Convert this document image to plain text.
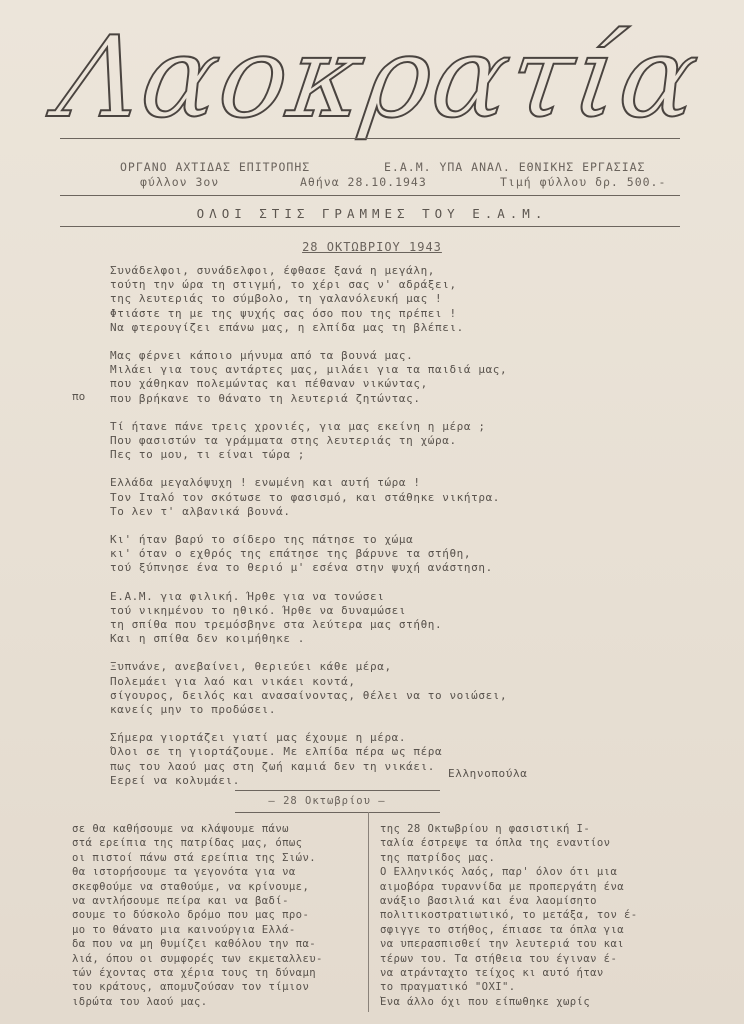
Λαοκρατία
ΟΡΓΑΝΟ ΑΧΤΙΔΑΣ ΕΠΙΤΡΟΠΗΣ	Ε.Α.Μ. ΥΠΑ ΑΝΑΛ. ΕΘΝΙΚΗΣ ΕΡΓΑΣΙΑΣ
φύλλον 3ον	Αθήνα 28.10.1943	Τιμή φύλλου δρ. 500.-
ΟΛΟΙ ΣΤΙΣ ΓΡΑΜΜΕΣ ΤΟΥ Ε.Α.Μ.
28 ΟΚΤΩΒΡΙΟΥ 1943
πο
Συνάδελφοι, συνάδελφοι, έφθασε ξανά η μεγάλη,
τούτη την ώρα τη στιγμή, το χέρι σας ν' αδράξει,
της λευτεριάς το σύμβολο, τη γαλανόλευκή μας !
Φτιάστε τη με της ψυχής σας όσο που της πρέπει !
Να φτερουγίζει επάνω μας, η ελπίδα μας τη βλέπει.
Μας φέρνει κάποιο μήνυμα από τα βουνά μας.
Μιλάει για τους αντάρτες μας, μιλάει για τα παιδιά μας,
που χάθηκαν πολεμώντας και πέθαναν νικώντας,
που βρήκανε το θάνατο τη λευτεριά ζητώντας.
Τί ήτανε πάνε τρεις χρονιές, για μας εκείνη η μέρα ;
Που φασιστών τα γράμματα στης λευτεριάς τη χώρα.
Πες το μου, τι είναι τώρα ;
Ελλάδα μεγαλόψυχη ! ενωμένη και αυτή τώρα !
Τον Ιταλό τον σκότωσε το φασισμό, και στάθηκε νικήτρα.
Το λεν τ' αλβανικά βουνά.
Κι' ήταν βαρύ το σίδερο της πάτησε το χώμα
κι' όταν ο εχθρός της επάτησε της βάρυνε τα στήθη,
τού ξύπνησε ένα το θεριό μ' εσένα στην ψυχή ανάστηση.
Ε.Α.Μ. για φιλική. Ήρθε για να τονώσει
τού νικημένου το ηθικό. Ήρθε να δυναμώσει
τη σπίθα που τρεμόσβηνε στα λεύτερα μας στήθη.
Και η σπίθα δεν κοιμήθηκε .
Ξυπνάνε, ανεβαίνει, θεριεύει κάθε μέρα,
Πολεμάει για λαό και νικάει κοντά,
σίγουρος, δειλός και ανασαίνοντας, θέλει να το νοιώσει,
κανείς μην το προδώσει.
Σήμερα γιορτάζει γιατί μας έχουμε η μέρα.
Όλοι σε τη γιορτάζουμε. Με ελπίδα πέρα ως πέρα
πως του λαού μας στη ζωή καμιά δεν τη νικάει.
Εερεί να κολυμάει.
Ελληνοπούλα
— 28 Οκτωβρίου —
σε θα καθήσουμε να κλάψουμε πάνω
στά ερείπια της πατρίδας μας, όπως
οι πιστοί πάνω στά ερείπια της Σιών.
θα ιστορήσουμε τα γεγονότα για να
σκεφθούμε να σταθούμε, να κρίνουμε,
να αντλήσουμε πείρα και να βαδί-
σουμε το δύσκολο δρόμο που μας προ-
μο το θάνατο μια καινούργια Ελλά-
δα που να μη θυμίζει καθόλου την πα-
λιά, όπου οι συμφορές των εκμεταλλευ-
τών έχοντας στα χέρια τους τη δύναμη
του κράτους, απομυζούσαν τον τίμιον
ιδρώτα του λαού μας.
της 28 Οκτωβρίου η φασιστική Ι-
ταλία έστρεψε τα όπλα της εναντίον
της πατρίδος μας.
Ο Ελληνικός λαός, παρ' όλον ότι μια
αιμοβόρα τυραννίδα με προπεργάτη ένα
ανάξιο βασιλιά και ένα λαομίσητο
πολιτικοστρατιωτικό, το μετάξα, τον έ-
σφιγγε το στήθος, έπιασε τα όπλα για
να υπερασπισθεί την λευτεριά του και
τέρων του. Τα στήθεια του έγιναν έ-
να ατράνταχτο τείχος κι αυτό ήταν
το πραγματικό "ΟΧΙ".
Ένα άλλο όχι που είπωθηκε χωρίς
